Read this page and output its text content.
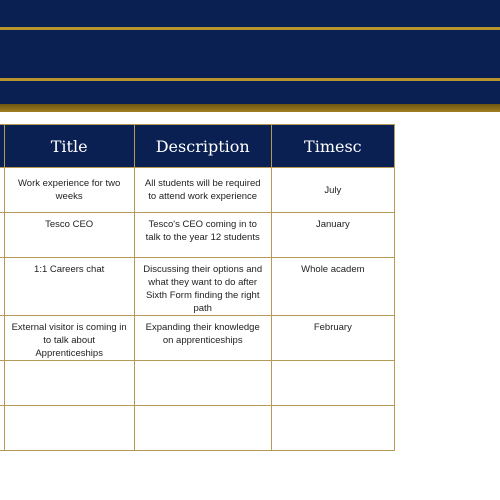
	Title	Description	Timesc
	Work experience for two weeks	All students will be required to attend work experience	July
	Tesco CEO	Tesco's CEO coming in to talk to the year 12 students	January
	1:1 Careers chat	Discussing their options and what they want to do after Sixth Form finding the right path	Whole academ
	External visitor is coming in to talk about Apprenticeships	Expanding their knowledge on apprenticeships	February
